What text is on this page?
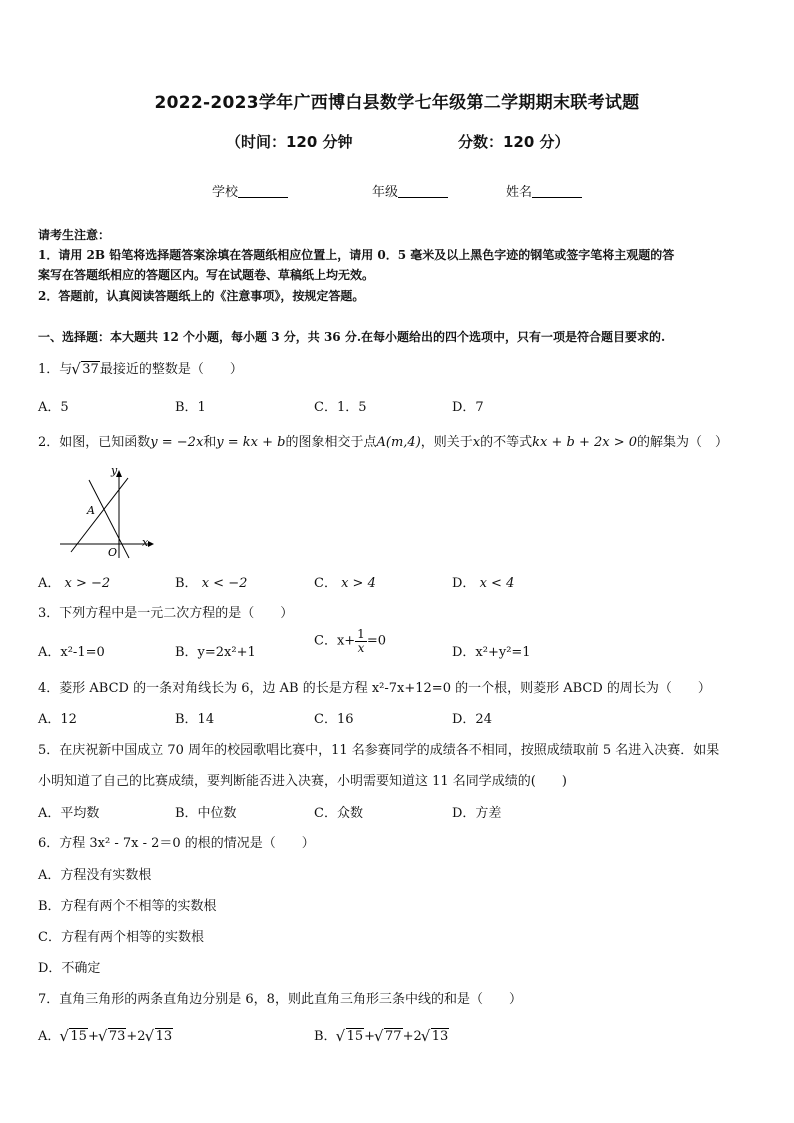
2022-2023学年广西博白县数学七年级第二学期期末联考试题
（时间：120 分钟	分数：120 分）
学校	年级	姓名
请考生注意：
1．请用 2B 铅笔将选择题答案涂填在答题纸相应位置上，请用 0．5 毫米及以上黑色字迹的钢笔或签字笔将主观题的答
案写在答题纸相应的答题区内。写在试题卷、草稿纸上均无效。
2．答题前，认真阅读答题纸上的《注意事项》，按规定答题。
一、选择题：本大题共 12 个小题，每小题 3 分，共 36 分.在每小题给出的四个选项中，只有一项是符合题目要求的.
1．与 √ 37最接近的整数是（　　）
A．5	B．1	C．1．5	D．7
2．如图，已知函数y = −2x和y = kx + b的图象相交于点A(m,4)，则关于x的不等式kx + b + 2x > 0的解集为（　）
y
x
A
O
A． x > −2	B． x < −2	C． x > 4	D． x < 4
3．下列方程中是一元二次方程的是（　　）
A．x²-1=0	B．y=2x²+1
C．$x+ \frac{1}{x} =0$
D．x²+y²=1
4．菱形 ABCD 的一条对角线长为 6，边 AB 的长是方程 x²-7x+12=0 的一个根，则菱形 ABCD 的周长为（　　）
A．12	B．14	C．16	D．24
5．在庆祝新中国成立 70 周年的校园歌唱比赛中，11 名参赛同学的成绩各不相同，按照成绩取前 5 名进入决赛．如果
小明知道了自己的比赛成绩，要判断能否进入决赛，小明需要知道这 11 名同学成绩的(　　)
A．平均数	B．中位数	C．众数	D．方差
6．方程 3x² - 7x - 2＝0 的根的情况是（　　）
A．方程没有实数根
B．方程有两个不相等的实数根
C．方程有两个相等的实数根
D．不确定
7．直角三角形的两条直角边分别是 6，8，则此直角三角形三条中线的和是（　　）
A． √ 15+ √ 73+2 √ 13	B． √ 15+ √ 77+2 √ 13
